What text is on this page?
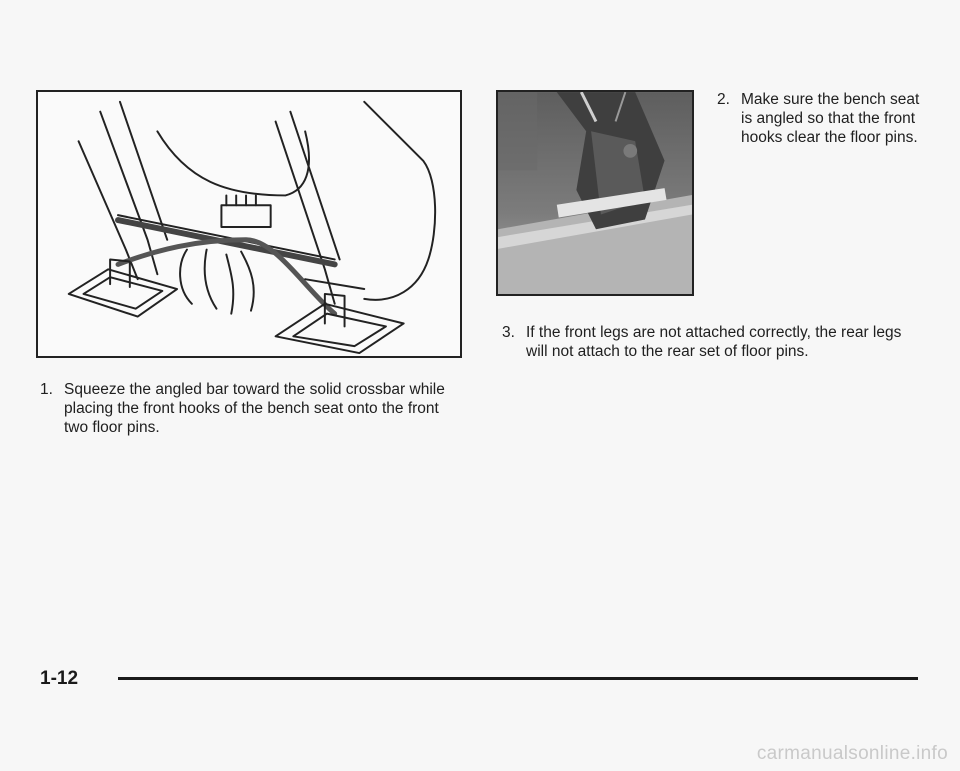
1. Squeeze the angled bar toward the solid crossbar while placing the front hooks of the bench seat onto the front two floor pins.
2. Make sure the bench seat is angled so that the front hooks clear the floor pins.
3. If the front legs are not attached correctly, the rear legs will not attach to the rear set of floor pins.
1-12
carmanualsonline.info
